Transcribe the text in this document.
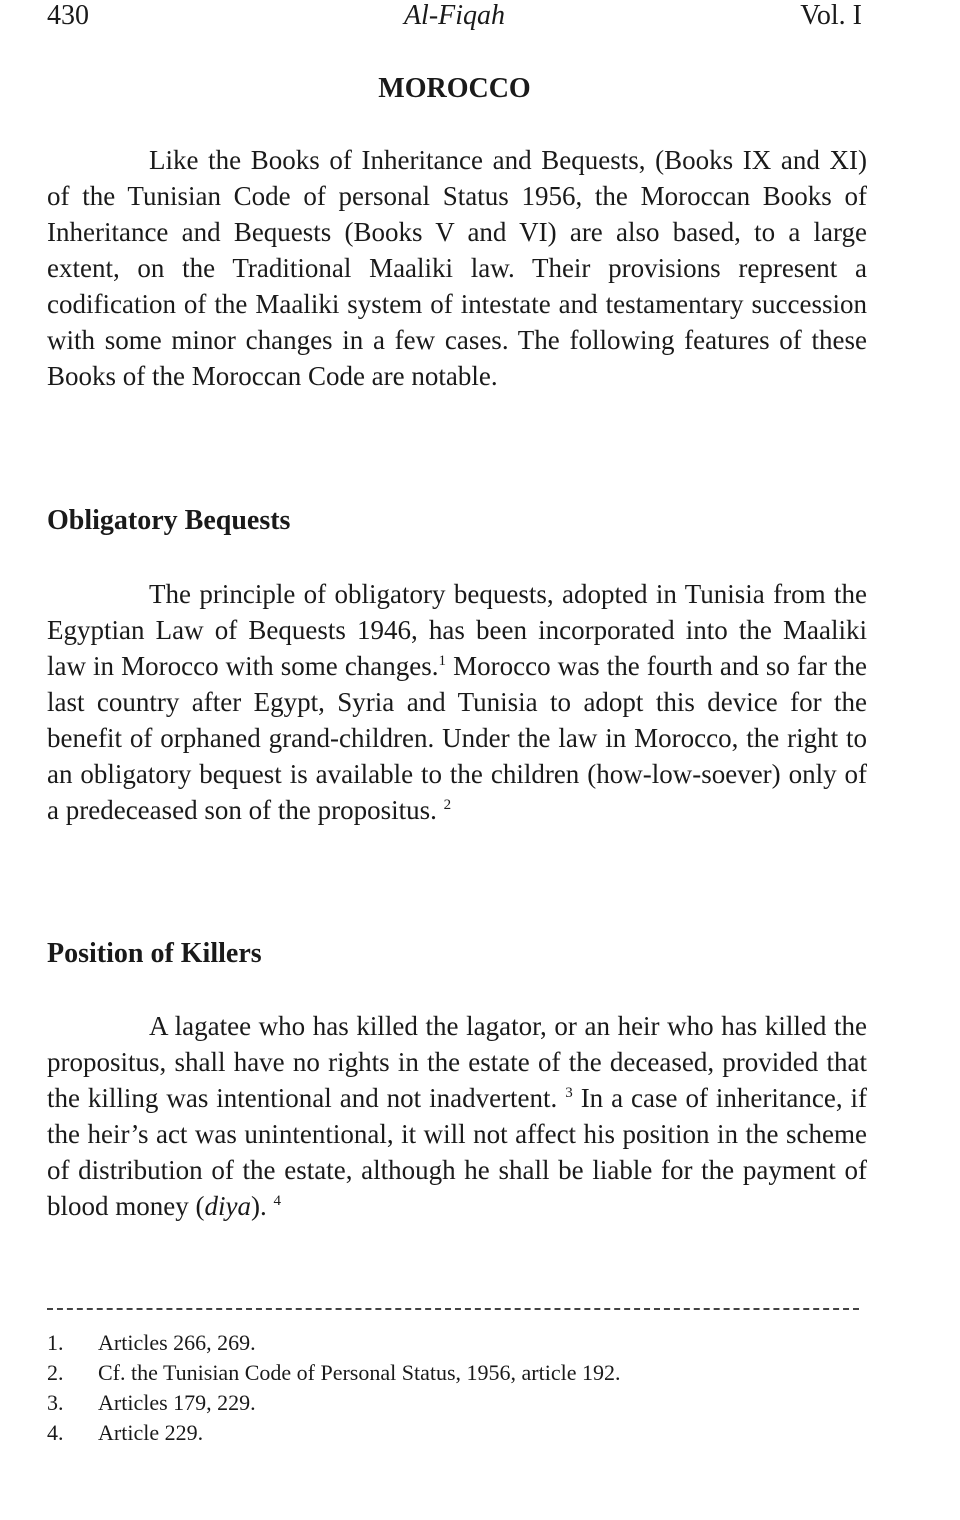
430	Al-Fiqah	Vol. I
MOROCCO

Like the Books of Inheritance and Bequests, (Books IX and XI) of the Tunisian Code of personal Status 1956, the Moroccan Books of Inheritance and Bequests (Books V and VI) are also based, to a large extent, on the Traditional Maaliki law. Their provisions represent a codification of the Maaliki system of intestate and testamentary succession with some minor changes in a few cases. The following features of these Books of the Moroccan Code are notable.

Obligatory Bequests

The principle of obligatory bequests, adopted in Tunisia from the Egyptian Law of Bequests 1946, has been incorporated into the Maaliki law in Morocco with some changes.$^1$ Morocco was the fourth and so far the last country after Egypt, Syria and Tunisia to adopt this device for the benefit of orphaned grand-children. Under the law in Morocco, the right to an obligatory bequest is available to the children (how-low-soever) only of a predeceased son of the propositus. $^2$

Position of Killers

A lagatee who has killed the lagator, or an heir who has killed the propositus, shall have no rights in the estate of the deceased, provided that the killing was intentional and not inadvertent. $^3$ In a case of inheritance, if the heir’s act was unintentional, it will not affect his position in the scheme of distribution of the estate, although he shall be liable for the payment of blood money (diya). $^4$

1. Articles 266, 269.
2. Cf. the Tunisian Code of Personal Status, 1956, article 192.
3. Articles 179, 229.
4. Article 229.
